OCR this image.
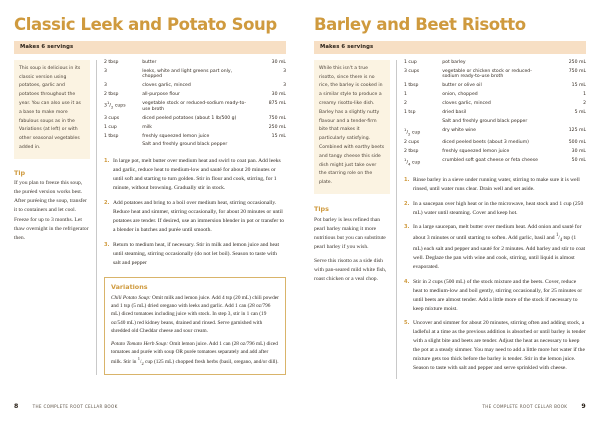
Classic Leek and Potato Soup
Makes 6 servings

This soup is delicious in its classic version using potatoes, garlic and potatoes throughout the year. You can also use it as a base to make more fabulous soups as in the Variations (at left) or with other seasonal vegetables added in.

Tip

If you plan to freeze this soup, the puréed version works best. After puréeing the soup, transfer it to containers and let cool. Freeze for up to 3 months. Let thaw overnight in the refrigerator then.

2 tbsp	butter	30 mL
3	leeks, white and light greens part only, chopped	3
3	cloves garlic, minced	3
2 tbsp	all-purpose flour	30 mL
$3^1/_2$ cups	vegetable stock or reduced-sodium ready-to-use broth	875 mL
3 cups	diced peeled potatoes (about 1 lb/500 g)	750 mL
1 cup	milk	250 mL
1 tbsp	freshly squeezed lemon juice	15 mL
	Salt and freshly ground black pepper	
In large pot, melt butter over medium heat and swirl to coat pan. Add leeks and garlic, reduce heat to medium-low and sauté for about 20 minutes or until soft and starting to turn golden. Stir in flour and cook, stirring, for 1 minute, without browning. Gradually stir in stock.
Add potatoes and bring to a boil over medium heat, stirring occasionally. Reduce heat and simmer, stirring occasionally, for about 20 minutes or until potatoes are tender. If desired, use an immersion blender in pot or transfer to a blender in batches and purée until smooth.
Return to medium heat, if necessary. Stir in milk and lemon juice and heat until steaming, stirring occasionally (do not let boil). Season to taste with salt and pepper
Variations

Chili Potato Soup: Omit milk and lemon juice. Add 4 tsp (20 mL) chili powder and 1 tsp (5 mL) dried oregano with leeks and garlic. Add 1 can (28 oz/796 mL) diced tomatoes including juice with stock. In step 3, stir in 1 can (19 oz/540 mL) red kidney beans, drained and rinsed. Serve garnished with shredded old Cheddar cheese and sour cream.

Potato Tomato Herb Soup: Omit lemon juice. Add 1 can (28 oz/796 mL) diced tomatoes and purée with soup OR purée tomatoes separately and add after milk. Stir in $^1/_2$ cup (125 mL) chopped fresh herbs (basil, oregano, and/or dill).

8	THE COMPLETE ROOT CELLAR BOOK
Barley and Beet Risotto
Makes 6 servings

While this isn't a true risotto, since there is no rice, the barley is cooked in a similar style to produce a creamy risotto-like dish. Barley has a slightly nutty flavour and a tender-firm bite that makes it particularly satisfying. Combined with earthy beets and tangy cheese this side dish might just take over the starring role on the plate.

Tips

Pot barley is less refined than pearl barley making it more nutritious but you can substitute pearl barley if you wish.

Serve this risotto as a side dish with pan-seared mild white fish, roast chicken or a veal chop.

1 cup	pot barley	250 mL
3 cups	vegetable or chicken stock or reduced-sodium ready-to-use broth	750 mL
1 tbsp	butter or olive oil	15 mL
1	onion, chopped	1
2	cloves garlic, minced	2
1 tsp	dried basil	5 mL
	Salt and freshly ground black pepper	
$^1/_2$ cup	dry white wine	125 mL
2 cups	diced peeled beets (about 3 medium)	500 mL
2 tbsp	freshly squeezed lemon juice	30 mL
$^1/_4$ cup	crumbled soft goat cheese or feta cheese	50 mL
Rinse barley in a sieve under running water, stirring to make sure it is well rinsed, until water runs clear. Drain well and set aside.
In a saucepan over high heat or in the microwave, heat stock and 1 cup (250 mL) water until steaming. Cover and keep hot.
In a large saucepan, melt butter over medium heat. Add onion and sauté for about 3 minutes or until starting to soften. Add garlic, basil and $^1/_4$ tsp (1 mL) each salt and pepper and sauté for 2 minutes. Add barley and stir to coat well. Deglaze the pan with wine and cook, stirring, until liquid is almost evaporated.
Stir in 2 cups (500 mL) of the stock mixture and the beets. Cover, reduce heat to medium-low and boil gently, stirring occasionally, for 25 minutes or until beets are almost tender. Add a little more of the stock if necessary to keep mixture moist.
Uncover and simmer for about 20 minutes, stirring often and adding stock, a ladleful at a time as the previous addition is absorbed or until barley is tender with a slight bite and beets are tender. Adjust the heat as necessary to keep the pot at a steady simmer. You may need to add a little more hot water if the mixture gets too thick before the barley is tender. Stir in the lemon juice. Season to taste with salt and pepper and serve sprinkled with cheese.
THE COMPLETE ROOT CELLAR BOOK 9
